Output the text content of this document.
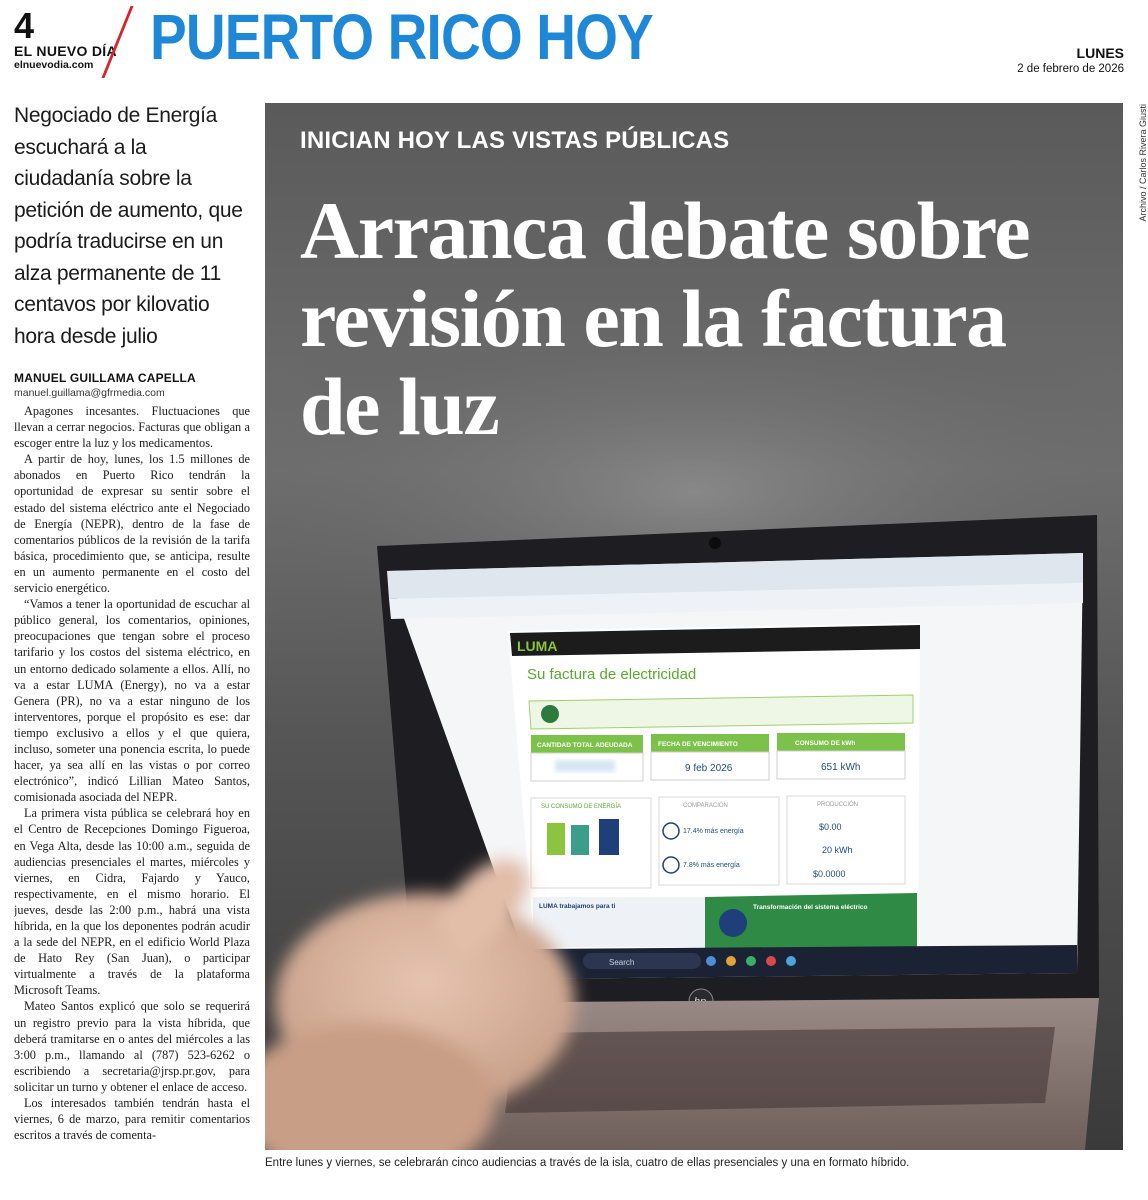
4
EL NUEVO DÍA
elnuevodia.com PUERTO RICO HOY	LUNES
2 de febrero de 2026
Negociado de Energía escuchará a la ciudadanía sobre la petición de aumento, que podría traducirse en un alza permanente de 11 centavos por kilovatio hora desde julio
MANUEL GUILLAMA CAPELLA
manuel.guillama@gfrmedia.com

Apagones incesantes. Fluctuaciones que llevan a cerrar negocios. Facturas que obligan a escoger entre la luz y los medicamentos.

A partir de hoy, lunes, los 1.5 millones de abonados en Puerto Rico tendrán la oportunidad de expresar su sentir sobre el estado del sistema eléctrico ante el Negociado de Energía (NEPR), dentro de la fase de comentarios públicos de la revisión de la tarifa básica, procedimiento que, se anticipa, resulte en un aumento permanente en el costo del servicio energético.

“Vamos a tener la oportunidad de escuchar al público general, los comentarios, opiniones, preocupaciones que tengan sobre el proceso tarifario y los costos del sistema eléctrico, en un entorno dedicado solamente a ellos. Allí, no va a estar LUMA (Energy), no va a estar Genera (PR), no va a estar ninguno de los interventores, porque el propósito es ese: dar tiempo exclusivo a ellos y el que quiera, incluso, someter una ponencia escrita, lo puede hacer, ya sea allí en las vistas o por correo electrónico”, indicó Lillian Mateo Santos, comisionada asociada del NEPR.

La primera vista pública se celebrará hoy en el Centro de Recepciones Domingo Figueroa, en Vega Alta, desde las 10:00 a.m., seguida de audiencias presenciales el martes, miércoles y viernes, en Cidra, Fajardo y Yauco, respectivamente, en el mismo horario. El jueves, desde las 2:00 p.m., habrá una vista híbrida, en la que los deponentes podrán acudir a la sede del NEPR, en el edificio World Plaza de Hato Rey (San Juan), o participar virtualmente a través de la plataforma Microsoft Teams.

Mateo Santos explicó que solo se requerirá un registro previo para la vista híbrida, que deberá tramitarse en o antes del miércoles a las 3:00 p.m., llamando al (787) 523-6262 o escribiendo a secretaria@jrsp.pr.gov, para solicitar un turno y obtener el enlace de acceso.

Los interesados también tendrán hasta el viernes, 6 de marzo, para remitir comentarios escritos a través de comenta-

LUMA
Su factura de electricidad
CANTIDAD TOTAL ADEUDADA	FECHA DE VENCIMIENTO
9 feb 2026
CONSUMO DE kWh
651 kWh
SU CONSUMO DE ENERGÍA	COMPARACIÓN
17.4% más energía
7.8% más energía
PRODUCCIÓN
$0.00
20 kWh
$0.0000
LUMA trabajamos para ti	Transformación del sistema eléctrico
Search
INICIAN HOY LAS VISTAS PÚBLICAS
Arranca debate sobre revisión en la factura de luz
Archivo / Carlos Rivera Giusti
Entre lunes y viernes, se celebrarán cinco audiencias a través de la isla, cuatro de ellas presenciales y una en formato híbrido.
